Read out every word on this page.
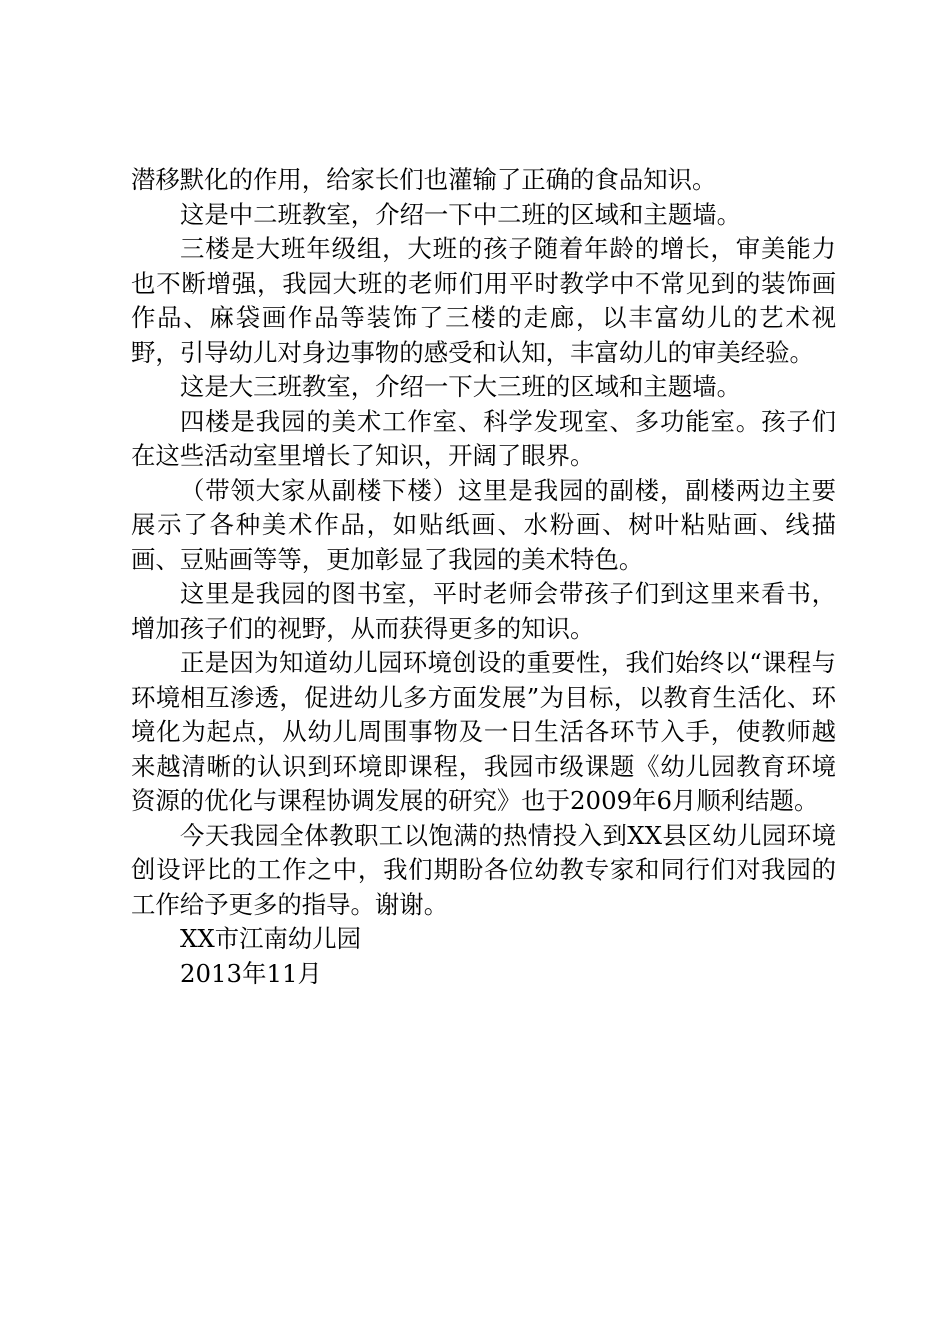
潜移默化的作用，给家长们也灌输了正确的食品知识。

这是中二班教室，介绍一下中二班的区域和主题墙。

三楼是大班年级组，大班的孩子随着年龄的增长，审美能力也不断增强，我园大班的老师们用平时教学中不常见到的装饰画作品、麻袋画作品等装饰了三楼的走廊，以丰富幼儿的艺术视野，引导幼儿对身边事物的感受和认知，丰富幼儿的审美经验。

这是大三班教室，介绍一下大三班的区域和主题墙。

四楼是我园的美术工作室、科学发现室、多功能室。孩子们在这些活动室里增长了知识，开阔了眼界。

（带领大家从副楼下楼）这里是我园的副楼，副楼两边主要展示了各种美术作品，如贴纸画、水粉画、树叶粘贴画、线描画、豆贴画等等，更加彰显了我园的美术特色。

这里是我园的图书室，平时老师会带孩子们到这里来看书，增加孩子们的视野，从而获得更多的知识。

正是因为知道幼儿园环境创设的重要性，我们始终以“课程与环境相互渗透，促进幼儿多方面发展”为目标，以教育生活化、环境化为起点，从幼儿周围事物及一日生活各环节入手，使教师越来越清晰的认识到环境即课程，我园市级课题《幼儿园教育环境资源的优化与课程协调发展的研究》也于2009年6月顺利结题。

今天我园全体教职工以饱满的热情投入到XX县区幼儿园环境创设评比的工作之中，我们期盼各位幼教专家和同行们对我园的工作给予更多的指导。谢谢。

XX市江南幼儿园

2013年11月
